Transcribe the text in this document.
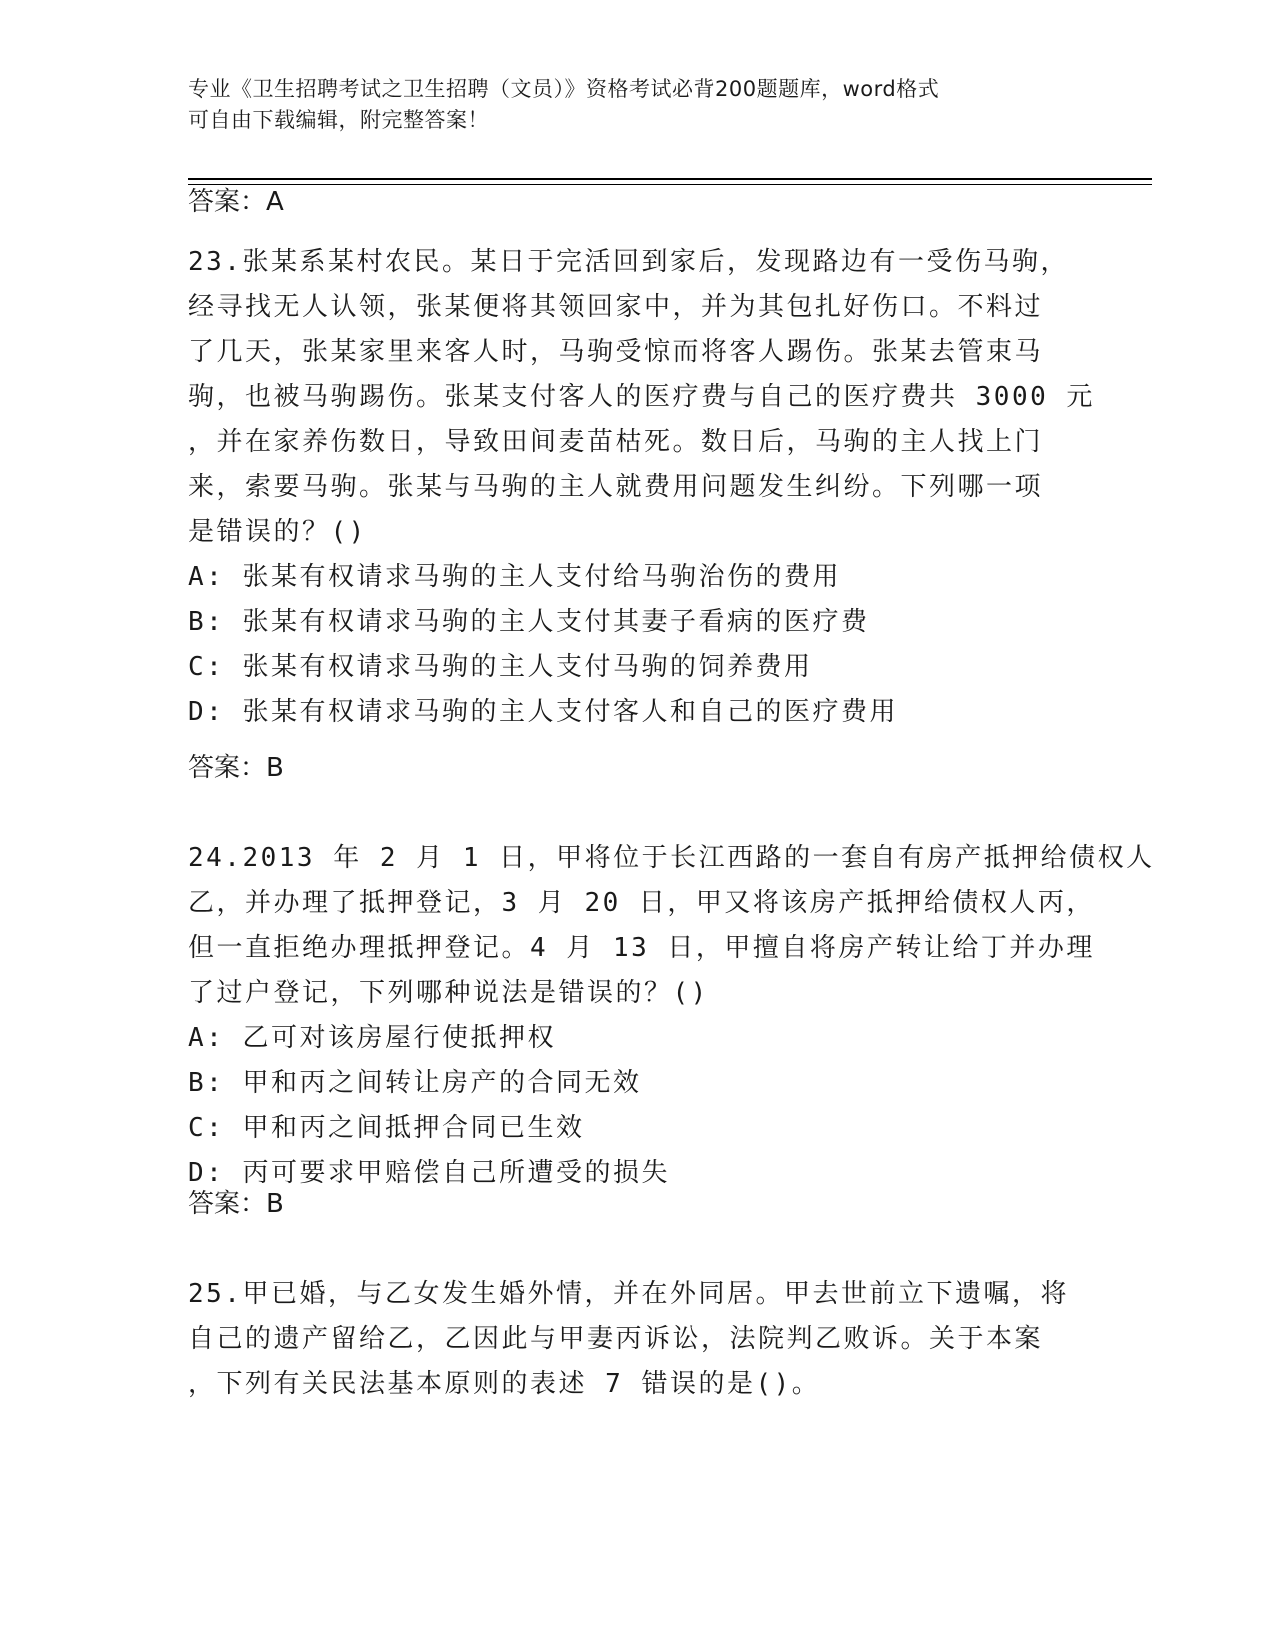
专业《卫生招聘考试之卫生招聘（文员）》资格考试必背200题题库，word格式
可自由下载编辑，附完整答案！
答案：A
23.张某系某村农民。某日于完活回到家后，发现路边有一受伤马驹，
经寻找无人认领，张某便将其领回家中，并为其包扎好伤口。不料过
了几天，张某家里来客人时，马驹受惊而将客人踢伤。张某去管束马
驹，也被马驹踢伤。张某支付客人的医疗费与自己的医疗费共 3000 元
，并在家养伤数日，导致田间麦苗枯死。数日后，马驹的主人找上门
来，索要马驹。张某与马驹的主人就费用问题发生纠纷。下列哪一项
是错误的？()
A: 张某有权请求马驹的主人支付给马驹治伤的费用
B: 张某有权请求马驹的主人支付其妻子看病的医疗费
C: 张某有权请求马驹的主人支付马驹的饲养费用
D: 张某有权请求马驹的主人支付客人和自己的医疗费用
答案：B
24.2013 年 2 月 1 日，甲将位于长江西路的一套自有房产抵押给债权人
乙，并办理了抵押登记，3 月 20 日，甲又将该房产抵押给债权人丙，
但一直拒绝办理抵押登记。4 月 13 日，甲擅自将房产转让给丁并办理
了过户登记，下列哪种说法是错误的？()
A: 乙可对该房屋行使抵押权
B: 甲和丙之间转让房产的合同无效
C: 甲和丙之间抵押合同已生效
D: 丙可要求甲赔偿自己所遭受的损失
答案：B
25.甲已婚，与乙女发生婚外情，并在外同居。甲去世前立下遗嘱，将
自己的遗产留给乙，乙因此与甲妻丙诉讼，法院判乙败诉。关于本案
，下列有关民法基本原则的表述 7 错误的是()。
